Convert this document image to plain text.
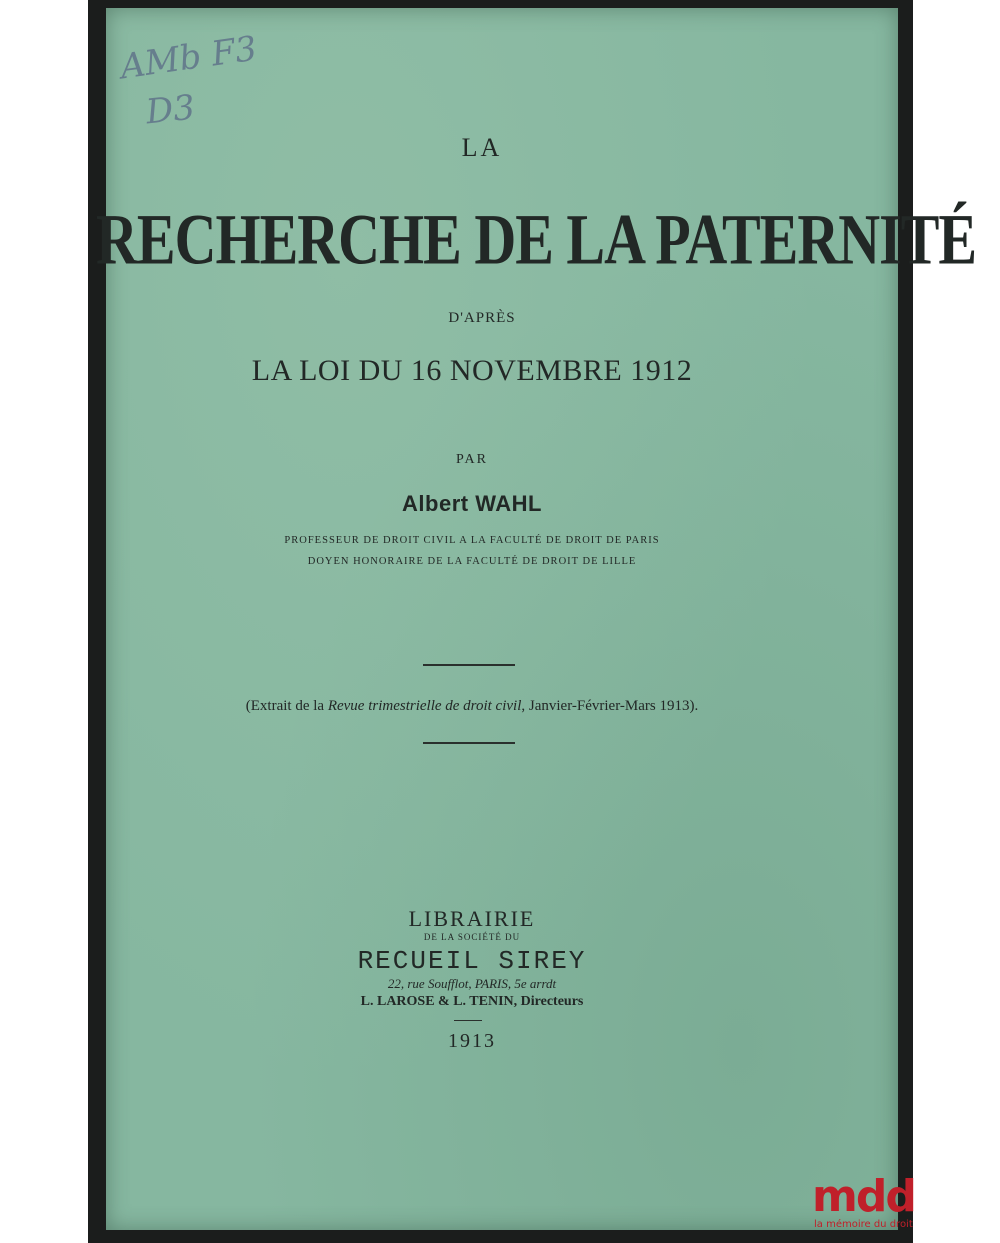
AMb F3
D3
LA
RECHERCHE DE LA PATERNITÉ
D'APRÈS
LA LOI DU 16 NOVEMBRE 1912
PAR
Albert WAHL
PROFESSEUR DE DROIT CIVIL A LA FACULTÉ DE DROIT DE PARIS
DOYEN HONORAIRE DE LA FACULTÉ DE DROIT DE LILLE
(Extrait de la Revue trimestrielle de droit civil, Janvier-Février-Mars 1913).
LIBRAIRIE
DE LA SOCIÉTÉ DU
RECUEIL SIREY
22, rue Soufflot, PARIS, 5e arrdt
L. LAROSE & L. TENIN, Directeurs
1913
mdd
la mémoire du droit
